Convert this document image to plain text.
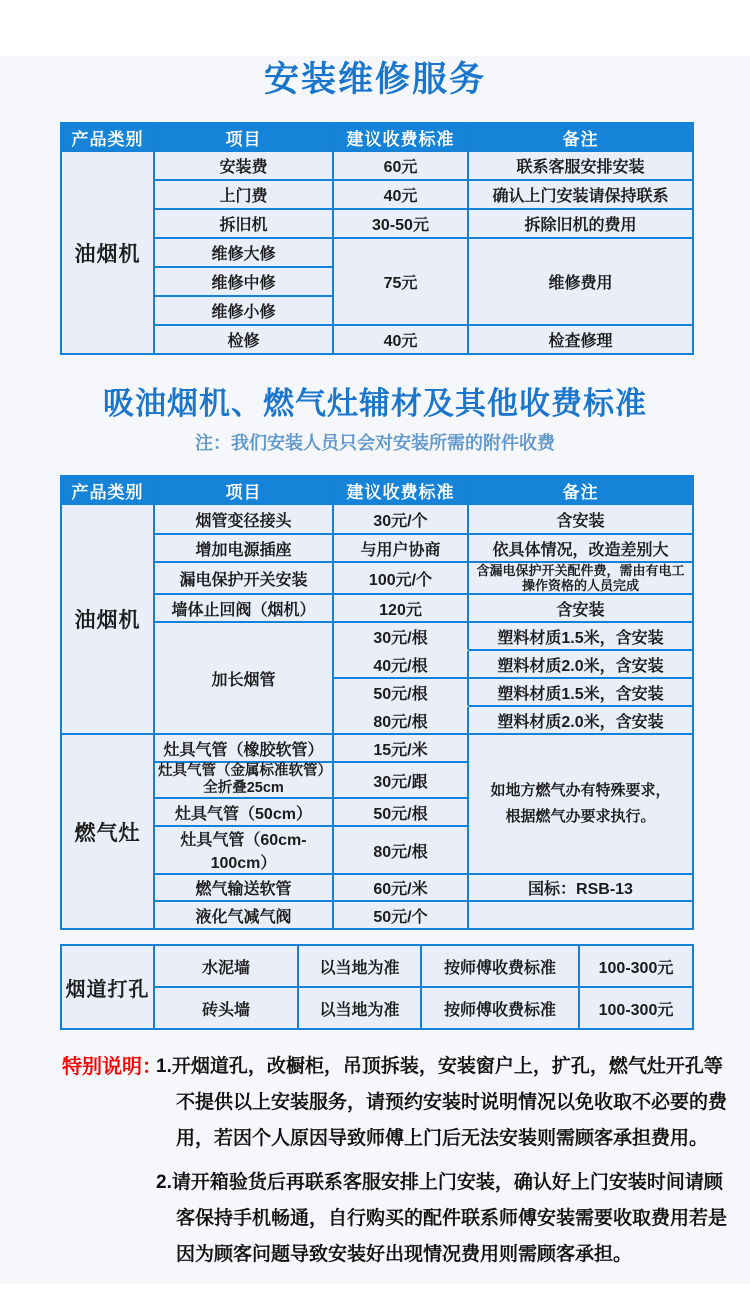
安装维修服务
产品类别	项目	建议收费标准	备注
油烟机	安装费	60元	联系客服安排安装
	上门费	40元	确认上门安装请保持联系
	拆旧机	30-50元	拆除旧机的费用
	维修大修	75元	维修费用
	维修中修		
	维修小修		
	检修	40元	检查修理
吸油烟机、燃气灶辅材及其他收费标准
注：我们安装人员只会对安装所需的附件收费
产品类别	项目	建议收费标准	备注
油烟机	烟管变径接头	30元/个	含安装
	增加电源插座	与用户协商	依具体情况，改造差别大
	漏电保护开关安装	100元/个	含漏电保护开关配件费，需由有电工
操作资格的人员完成

	墙体止回阀（烟机）	120元	含安装
	加长烟管	30元/根	塑料材质1.5米，含安装
		40元/根	塑料材质2.0米，含安装
		50元/根	塑料材质1.5米，含安装
		80元/根	塑料材质2.0米，含安装
燃气灶	灶具气管（橡胶软管）	15元/米	如地方燃气办有特殊要求，
根据燃气办要求执行。

	灶具气管（金属标准软管）
全折叠25cm	30元/跟	
	灶具气管（50cm）	50元/根	
	灶具气管（60cm-100cm）	80元/根	
	燃气输送软管	60元/米	国标：RSB-13
	液化气减气阀	50元/个	
烟道打孔	水泥墙	以当地为准	按师傅收费标准	100-300元
	砖头墙	以当地为准	按师傅收费标准	100-300元
特别说明：
1.开烟道孔，改橱柜，吊顶拆装，安装窗户上，扩孔，燃气灶开孔等
不提供以上安装服务，请预约安装时说明情况以免收取不必要的费
用，若因个人原因导致师傅上门后无法安装则需顾客承担费用。
2.请开箱验货后再联系客服安排上门安装，确认好上门安装时间请顾
客保持手机畅通，自行购买的配件联系师傅安装需要收取费用若是
因为顾客问题导致安装好出现情况费用则需顾客承担。
